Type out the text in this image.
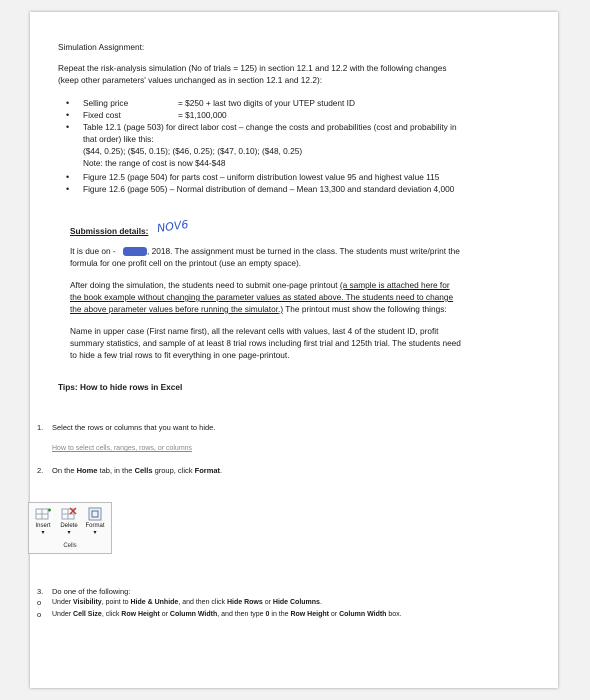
Simulation Assignment:
Repeat the risk-analysis simulation (No of trials = 125) in section 12.1 and 12.2 with the following changes
(keep other parameters' values unchanged as in section 12.1 and 12.2):
• Selling price	= $250 + last two digits of your UTEP student ID
• Fixed cost	= $1,100,000
• Table 12.1 (page 503) for direct labor cost – change the costs and probabilities (cost and probability in
that order) like this:
($44, 0.25); ($45, 0.15); ($46, 0.25); ($47, 0.10); ($48, 0.25)
Note: the range of cost is now $44-$48
• Figure 12.5 (page 504) for parts cost – uniform distribution lowest value 95 and highest value 115
• Figure 12.6 (page 505) – Normal distribution of demand – Mean 13,300 and standard deviation 4,000
Submission details: NOV6
It is due on -	, 2018. The assignment must be turned in the class. The students must write/print the
formula for one profit cell on the printout (use an empty space).
After doing the simulation, the students need to submit one-page printout (a sample is attached here for
the book example without changing the parameter values as stated above. The students need to change
the above parameter values before running the simulator.) The printout must show the following things:
Name in upper case (First name first), all the relevant cells with values, last 4 of the student ID, profit
summary statistics, and sample of at least 8 trial rows including first trial and 125th trial. The students need
to hide a few trial rows to fit everything in one page-printout.
Tips: How to hide rows in Excel
1. Select the rows or columns that you want to hide.
How to select cells, ranges, rows, or columns
2. On the Home tab, in the Cells group, click Format.
Insert
▾
Delete
▾
Format
▾
Cells
3. Do one of the following:
o Under Visibility, point to Hide & Unhide, and then click Hide Rows or Hide Columns.
o Under Cell Size, click Row Height or Column Width, and then type 0 in the Row Height or Column Width box.
